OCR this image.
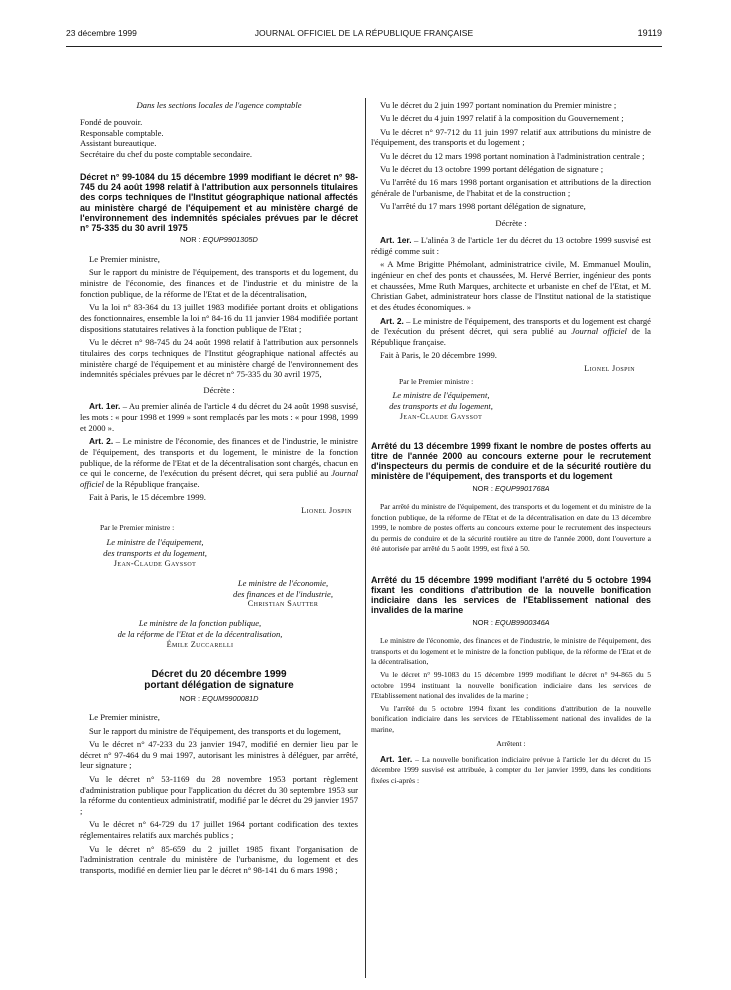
23 décembre 1999	JOURNAL OFFICIEL DE LA RÉPUBLIQUE FRANÇAISE	19119

Dans les sections locales de l'agence comptable

Fondé de pouvoir.

Responsable comptable.

Assistant bureautique.

Secrétaire du chef du poste comptable secondaire.

Décret n° 99-1084 du 15 décembre 1999 modifiant le décret n° 98-745 du 24 août 1998 relatif à l'attribution aux personnels titulaires des corps techniques de l'Institut géographique national affectés au ministère chargé de l'équipement et au ministère chargé de l'environnement des indemnités spéciales prévues par le décret n° 75-335 du 30 avril 1975
NOR : EQUP9901305D

Le Premier ministre,

Sur le rapport du ministre de l'équipement, des transports et du logement, du ministre de l'économie, des finances et de l'industrie et du ministre de la fonction publique, de la réforme de l'Etat et de la décentralisation,

Vu la loi n° 83-364 du 13 juillet 1983 modifiée portant droits et obligations des fonctionnaires, ensemble la loi n° 84-16 du 11 janvier 1984 modifiée portant dispositions statutaires relatives à la fonction publique de l'Etat ;

Vu le décret n° 98-745 du 24 août 1998 relatif à l'attribution aux personnels titulaires des corps techniques de l'Institut géographique national affectés au ministère chargé de l'équipement et au ministère chargé de l'environnement des indemnités spéciales prévues par le décret n° 75-335 du 30 avril 1975,

Décrète :

Art. 1er. – Au premier alinéa de l'article 4 du décret du 24 août 1998 susvisé, les mots : « pour 1998 et 1999 » sont remplacés par les mots : « pour 1998, 1999 et 2000 ».

Art. 2. – Le ministre de l'économie, des finances et de l'industrie, le ministre de l'équipement, des transports et du logement, le ministre de la fonction publique, de la réforme de l'Etat et de la décentralisation sont chargés, chacun en ce qui le concerne, de l'exécution du présent décret, qui sera publié au Journal officiel de la République française.

Fait à Paris, le 15 décembre 1999.

Lionel Jospin

Par le Premier ministre :

Le ministre de l'équipement,
des transports et du logement,
Jean-Claude Gayssot
Le ministre de l'économie,
des finances et de l'industrie,
Christian Sautter
Le ministre de la fonction publique,
de la réforme de l'Etat et de la décentralisation,
Émile Zuccarelli
Décret du 20 décembre 1999
portant délégation de signature
NOR : EQUM9900081D

Le Premier ministre,

Sur le rapport du ministre de l'équipement, des transports et du logement,

Vu le décret n° 47-233 du 23 janvier 1947, modifié en dernier lieu par le décret n° 97-464 du 9 mai 1997, autorisant les ministres à déléguer, par arrêté, leur signature ;

Vu le décret n° 53-1169 du 28 novembre 1953 portant règlement d'administration publique pour l'application du décret du 30 septembre 1953 sur la réforme du contentieux administratif, modifié par le décret du 29 janvier 1957 ;

Vu le décret n° 64-729 du 17 juillet 1964 portant codification des textes réglementaires relatifs aux marchés publics ;

Vu le décret n° 85-659 du 2 juillet 1985 fixant l'organisation de l'administration centrale du ministère de l'urbanisme, du logement et des transports, modifié en dernier lieu par le décret n° 98-141 du 6 mars 1998 ;

Vu le décret du 2 juin 1997 portant nomination du Premier ministre ;

Vu le décret du 4 juin 1997 relatif à la composition du Gouvernement ;

Vu le décret n° 97-712 du 11 juin 1997 relatif aux attributions du ministre de l'équipement, des transports et du logement ;

Vu le décret du 12 mars 1998 portant nomination à l'administration centrale ;

Vu le décret du 13 octobre 1999 portant délégation de signature ;

Vu l'arrêté du 16 mars 1998 portant organisation et attributions de la direction générale de l'urbanisme, de l'habitat et de la construction ;

Vu l'arrêté du 17 mars 1998 portant délégation de signature,

Décrète :

Art. 1er. – L'alinéa 3 de l'article 1er du décret du 13 octobre 1999 susvisé est rédigé comme suit :

« A Mme Brigitte Phémolant, administratrice civile, M. Emmanuel Moulin, ingénieur en chef des ponts et chaussées, M. Hervé Berrier, ingénieur des ponts et chaussées, Mme Ruth Marques, architecte et urbaniste en chef de l'Etat, et M. Christian Gabet, administrateur hors classe de l'Institut national de la statistique et des études économiques. »

Art. 2. – Le ministre de l'équipement, des transports et du logement est chargé de l'exécution du présent décret, qui sera publié au Journal officiel de la République française.

Fait à Paris, le 20 décembre 1999.

Lionel Jospin

Par le Premier ministre :

Le ministre de l'équipement,
des transports et du logement,
Jean-Claude Gayssot
Arrêté du 13 décembre 1999 fixant le nombre de postes offerts au titre de l'année 2000 au concours externe pour le recrutement d'inspecteurs du permis de conduire et de la sécurité routière du ministère de l'équipement, des transports et du logement
NOR : EQUP9901768A

Par arrêté du ministre de l'équipement, des transports et du logement et du ministre de la fonction publique, de la réforme de l'Etat et de la décentralisation en date du 13 décembre 1999, le nombre de postes offerts au concours externe pour le recrutement des inspecteurs du permis de conduire et de la sécurité routière au titre de l'année 2000, dont l'ouverture a été autorisée par arrêté du 5 août 1999, est fixé à 50.

Arrêté du 15 décembre 1999 modifiant l'arrêté du 5 octobre 1994 fixant les conditions d'attribution de la nouvelle bonification indiciaire dans les services de l'Etablissement national des invalides de la marine
NOR : EQUB9900346A

Le ministre de l'économie, des finances et de l'industrie, le ministre de l'équipement, des transports et du logement et le ministre de la fonction publique, de la réforme de l'Etat et de la décentralisation,

Vu le décret n° 99-1083 du 15 décembre 1999 modifiant le décret n° 94-865 du 5 octobre 1994 instituant la nouvelle bonification indiciaire dans les services de l'Etablissement national des invalides de la marine ;

Vu l'arrêté du 5 octobre 1994 fixant les conditions d'attribution de la nouvelle bonification indiciaire dans les services de l'Etablissement national des invalides de la marine,

Arrêtent :

Art. 1er. – La nouvelle bonification indiciaire prévue à l'article 1er du décret du 15 décembre 1999 susvisé est attribuée, à compter du 1er janvier 1999, dans les conditions fixées ci-après :
